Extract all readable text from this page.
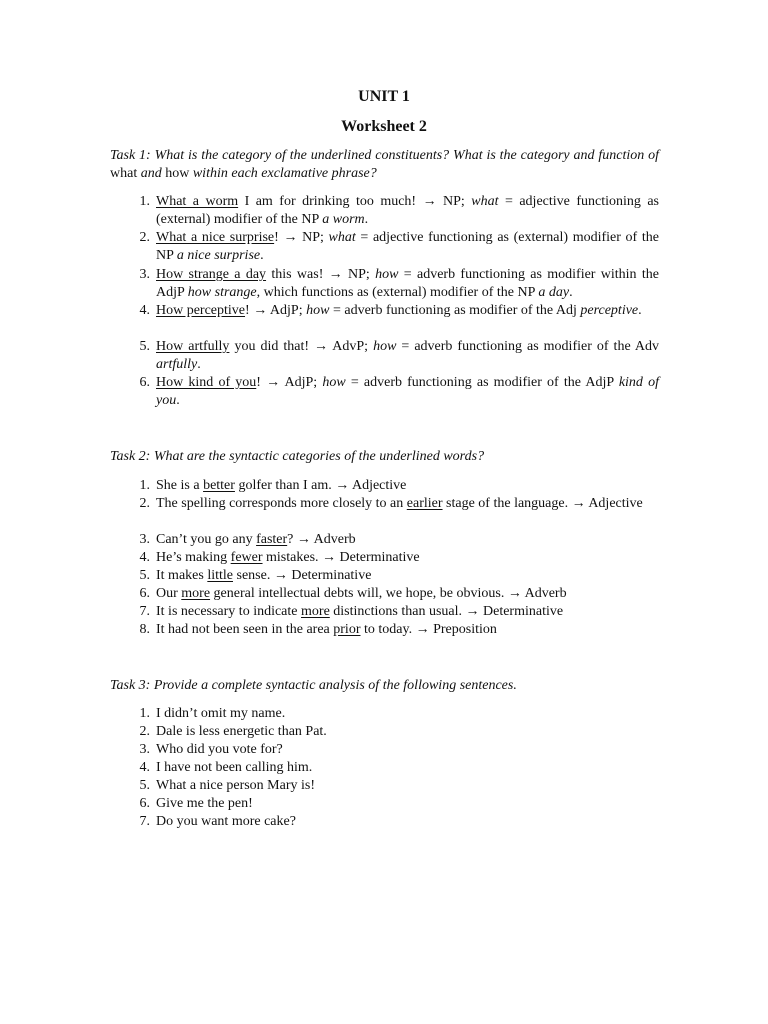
UNIT 1
Worksheet 2
Task 1: What is the category of the underlined constituents? What is the category and function of what and how within each exclamative phrase?
1. What a worm I am for drinking too much! → NP; what = adjective functioning as (external) modifier of the NP a worm.
2. What a nice surprise! → NP; what = adjective functioning as (external) modifier of the NP a nice surprise.
3. How strange a day this was! → NP; how = adverb functioning as modifier within the AdjP how strange, which functions as (external) modifier of the NP a day.
4. How perceptive! → AdjP; how = adverb functioning as modifier of the Adj perceptive.
5. How artfully you did that! → AdvP; how = adverb functioning as modifier of the Adv artfully.
6. How kind of you! → AdjP; how = adverb functioning as modifier of the AdjP kind of you.
Task 2: What are the syntactic categories of the underlined words?
1. She is a better golfer than I am. → Adjective
2. The spelling corresponds more closely to an earlier stage of the language. → Adjective
3. Can’t you go any faster? → Adverb
4. He’s making fewer mistakes. → Determinative
5. It makes little sense. → Determinative
6. Our more general intellectual debts will, we hope, be obvious. → Adverb
7. It is necessary to indicate more distinctions than usual. → Determinative
8. It had not been seen in the area prior to today. → Preposition
Task 3: Provide a complete syntactic analysis of the following sentences.
1. I didn’t omit my name.
2. Dale is less energetic than Pat.
3. Who did you vote for?
4. I have not been calling him.
5. What a nice person Mary is!
6. Give me the pen!
7. Do you want more cake?
